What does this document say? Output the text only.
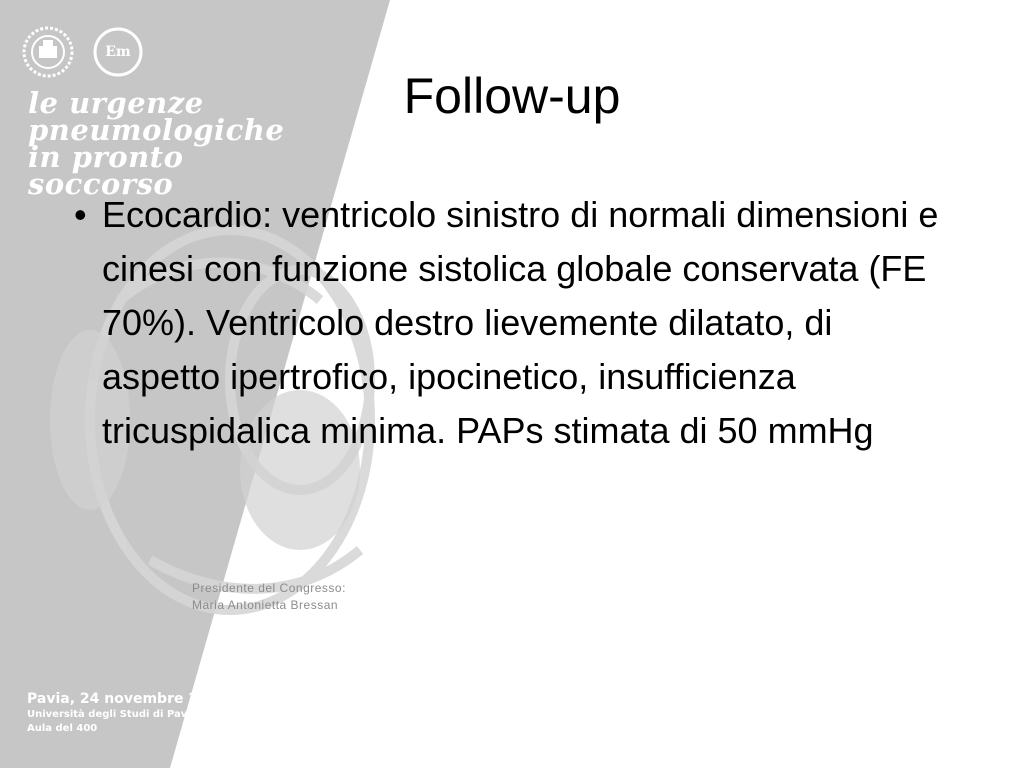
Em
le urgenze
pneumologiche
in pronto
soccorso
Presidente del Congresso:
Maria Antonietta Bressan
Pavia, 24 novembre 2006
Università degli Studi di Pavia
Aula del 400
Follow-up
• Ecocardio: ventricolo sinistro di normali dimensioni e cinesi con funzione sistolica globale conservata (FE 70%). Ventricolo destro lievemente dilatato, di aspetto ipertrofico, ipocinetico, insufficienza tricuspidalica minima. PAPs stimata di 50 mmHg
